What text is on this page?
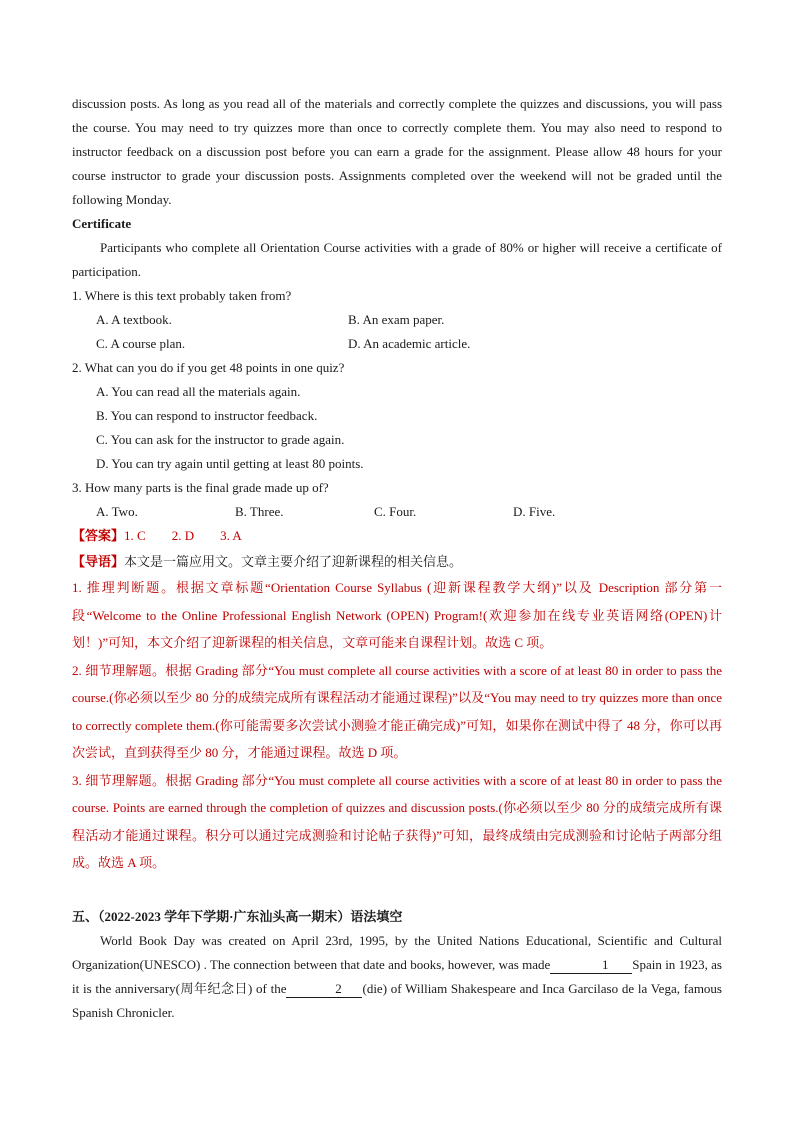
discussion posts. As long as you read all of the materials and correctly complete the quizzes and discussions, you will pass the course. You may need to try quizzes more than once to correctly complete them. You may also need to respond to instructor feedback on a discussion post before you can earn a grade for the assignment. Please allow 48 hours for your course instructor to grade your discussion posts. Assignments completed over the weekend will not be graded until the following Monday.

Certificate

Participants who complete all Orientation Course activities with a grade of 80% or higher will receive a certificate of participation.

1. Where is this text probably taken from?

A. A textbook.	B. An exam paper.
C. A course plan.	D. An academic article.

2. What can you do if you get 48 points in one quiz?

A. You can read all the materials again.

B. You can respond to instructor feedback.

C. You can ask for the instructor to grade again.

D. You can try again until getting at least 80 points.

3. How many parts is the final grade made up of?

A. Two.	B. Three.	C. Four.	D. Five.

【答案】1. C 2. D 3. A

【导语】本文是一篇应用文。文章主要介绍了迎新课程的相关信息。

1. 推理判断题。根据文章标题“Orientation Course Syllabus (迎新课程教学大纲)”以及 Description 部分第一段“Welcome to the Online Professional English Network (OPEN) Program!(欢迎参加在线专业英语网络(OPEN)计划！)”可知，本文介绍了迎新课程的相关信息，文章可能来自课程计划。故选 C 项。

2. 细节理解题。根据 Grading 部分“You must complete all course activities with a score of at least 80 in order to pass the course.(你必须以至少 80 分的成绩完成所有课程活动才能通过课程)”以及“You may need to try quizzes more than once to correctly complete them.(你可能需要多次尝试小测验才能正确完成)”可知，如果你在测试中得了 48 分，你可以再次尝试，直到获得至少 80 分，才能通过课程。故选 D 项。

3. 细节理解题。根据 Grading 部分“You must complete all course activities with a score of at least 80 in order to pass the course. Points are earned through the completion of quizzes and discussion posts.(你必须以至少 80 分的成绩完成所有课程活动才能通过课程。积分可以通过完成测验和讨论帖子获得)”可知，最终成绩由完成测验和讨论帖子两部分组成。故选 A 项。

五、（2022-2023 学年下学期·广东汕头高一期末）语法填空

World Book Day was created on April 23rd, 1995, by the United Nations Educational, Scientific and Cultural Organization(UNESCO) . The connection between that date and books, however, was made	1 Spain in 1923, as it is the anniversary(周年纪念日) of the	2 (die) of William Shakespeare and Inca Garcilaso de la Vega, famous Spanish Chronicler.
